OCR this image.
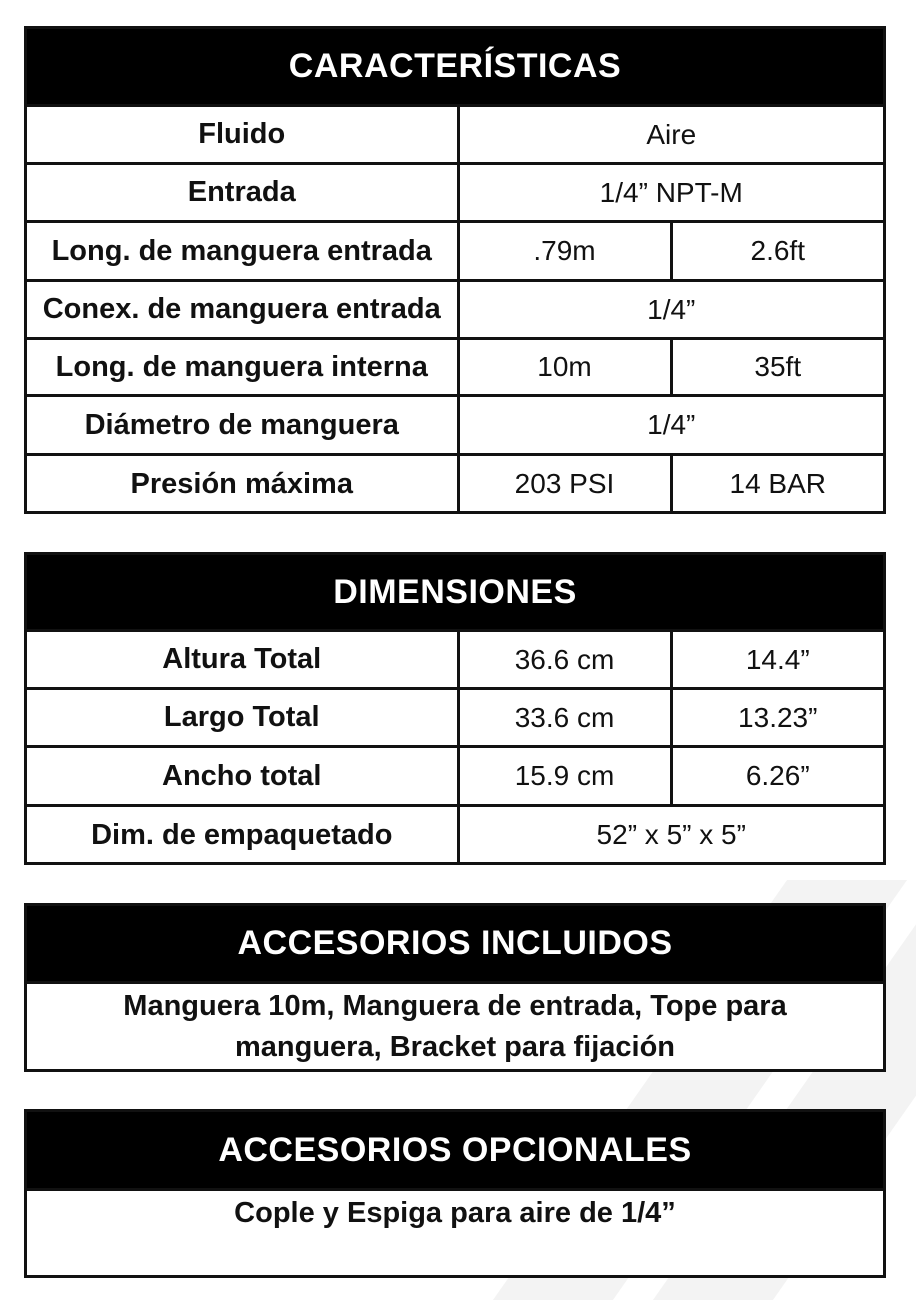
CARACTERÍSTICAS
Fluido	Aire	
Entrada	1/4” NPT-M	
Long. de manguera entrada	.79m	2.6ft
Conex. de manguera entrada	1/4”	
Long. de manguera interna	10m	35ft
Diámetro de manguera	1/4”	
Presión máxima	203 PSI	14 BAR
DIMENSIONES
Altura Total	36.6 cm	14.4”
Largo Total	33.6 cm	13.23”
Ancho total	15.9 cm	6.26”
Dim. de empaquetado	52” x 5” x 5”	
ACCESORIOS INCLUIDOS
Manguera 10m, Manguera de entrada, Tope para
manguera, Bracket para fijación
ACCESORIOS OPCIONALES
Cople y Espiga para aire de 1/4”
